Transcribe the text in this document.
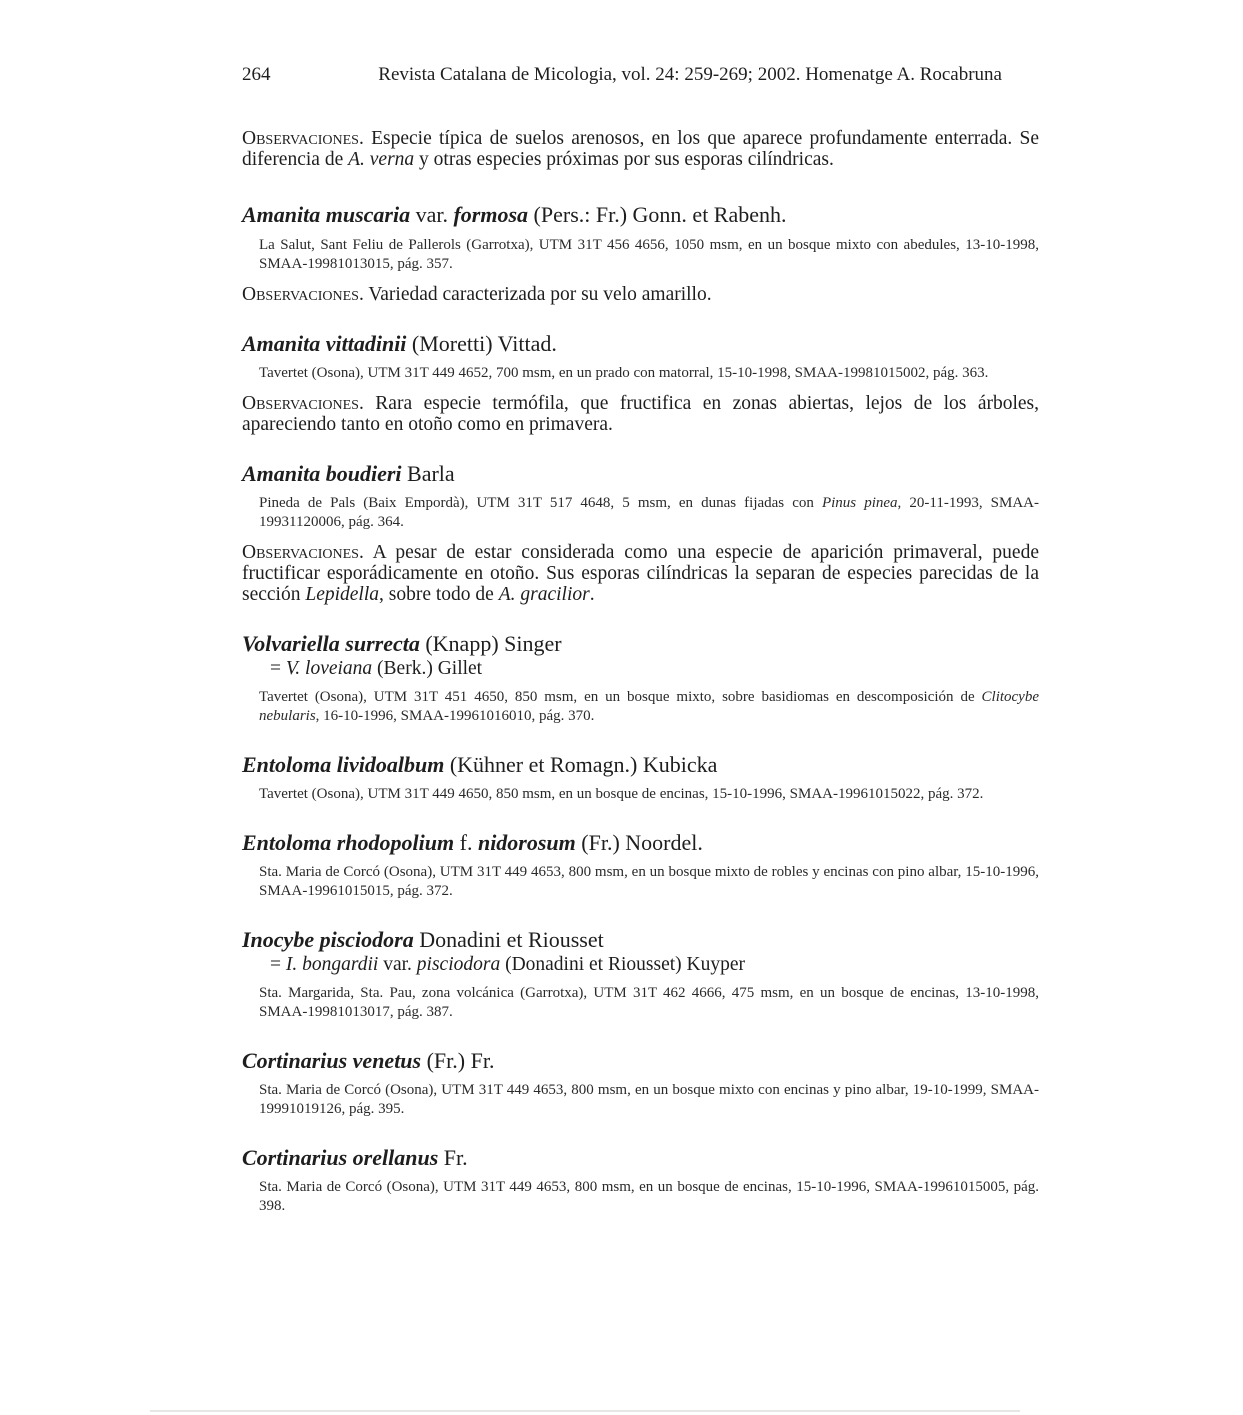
264	Revista Catalana de Micologia, vol. 24: 259-269; 2002. Homenatge A. Rocabruna

Observaciones. Especie típica de suelos arenosos, en los que aparece profundamente enterrada. Se diferencia de A. verna y otras especies próximas por sus esporas cilíndricas.

Amanita muscaria var. formosa (Pers.: Fr.) Gonn. et Rabenh.

La Salut, Sant Feliu de Pallerols (Garrotxa), UTM 31T 456 4656, 1050 msm, en un bosque mixto con abedules, 13-10-1998, SMAA-19981013015, pág. 357.

Observaciones. Variedad caracterizada por su velo amarillo.

Amanita vittadinii (Moretti) Vittad.

Tavertet (Osona), UTM 31T 449 4652, 700 msm, en un prado con matorral, 15-10-1998, SMAA-19981015002, pág. 363.

Observaciones. Rara especie termófila, que fructifica en zonas abiertas, lejos de los árboles, apareciendo tanto en otoño como en primavera.

Amanita boudieri Barla

Pineda de Pals (Baix Empordà), UTM 31T 517 4648, 5 msm, en dunas fijadas con Pinus pinea, 20-11-1993, SMAA-19931120006, pág. 364.

Observaciones. A pesar de estar considerada como una especie de aparición primaveral, puede fructificar esporádicamente en otoño. Sus esporas cilíndricas la separan de especies parecidas de la sección Lepidella, sobre todo de A. gracilior.

Volvariella surrecta (Knapp) Singer

= V. loveiana (Berk.) Gillet

Tavertet (Osona), UTM 31T 451 4650, 850 msm, en un bosque mixto, sobre basidiomas en descomposición de Clitocybe nebularis, 16-10-1996, SMAA-19961016010, pág. 370.

Entoloma lividoalbum (Kühner et Romagn.) Kubicka

Tavertet (Osona), UTM 31T 449 4650, 850 msm, en un bosque de encinas, 15-10-1996, SMAA-19961015022, pág. 372.

Entoloma rhodopolium f. nidorosum (Fr.) Noordel.

Sta. Maria de Corcó (Osona), UTM 31T 449 4653, 800 msm, en un bosque mixto de robles y encinas con pino albar, 15-10-1996, SMAA-19961015015, pág. 372.

Inocybe pisciodora Donadini et Riousset

= I. bongardii var. pisciodora (Donadini et Riousset) Kuyper

Sta. Margarida, Sta. Pau, zona volcánica (Garrotxa), UTM 31T 462 4666, 475 msm, en un bosque de encinas, 13-10-1998, SMAA-19981013017, pág. 387.

Cortinarius venetus (Fr.) Fr.

Sta. Maria de Corcó (Osona), UTM 31T 449 4653, 800 msm, en un bosque mixto con encinas y pino albar, 19-10-1999, SMAA-19991019126, pág. 395.

Cortinarius orellanus Fr.

Sta. Maria de Corcó (Osona), UTM 31T 449 4653, 800 msm, en un bosque de encinas, 15-10-1996, SMAA-19961015005, pág. 398.
